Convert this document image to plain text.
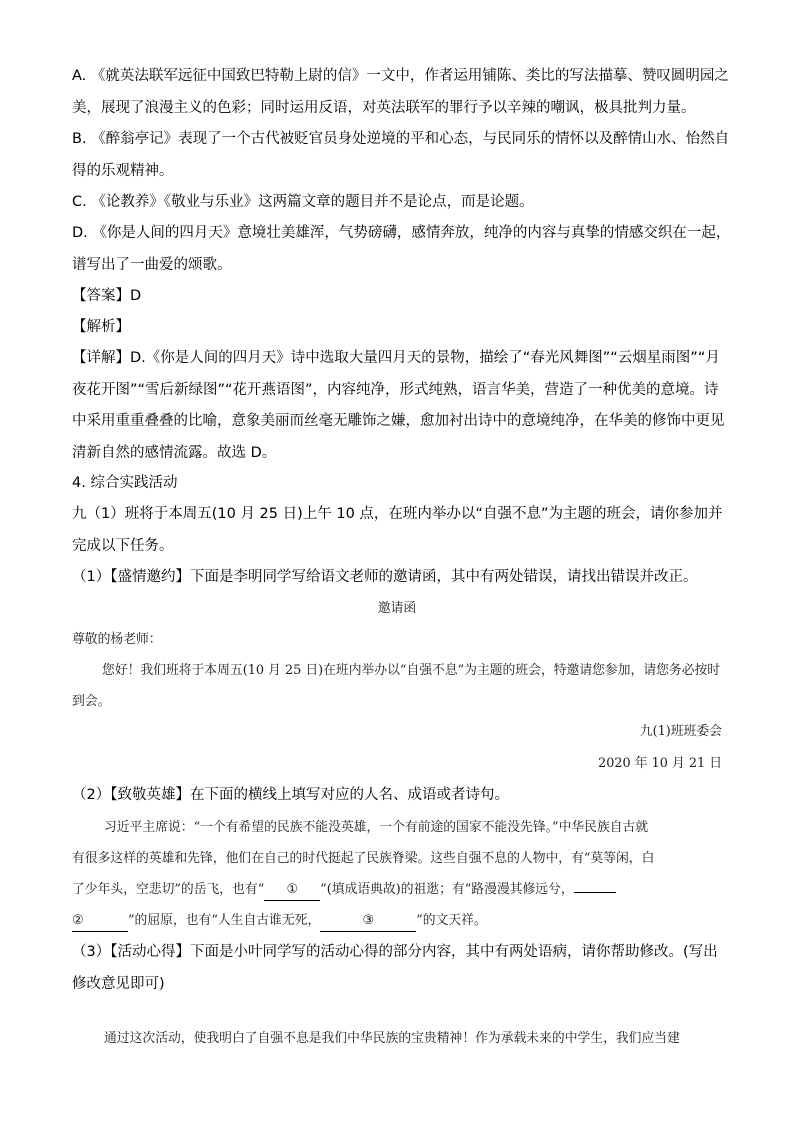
A. 《就英法联军远征中国致巴特勒上尉的信》一文中，作者运用铺陈、类比的写法描摹、赞叹圆明园之美，展现了浪漫主义的色彩；同时运用反语，对英法联军的罪行予以辛辣的嘲讽，极具批判力量。
B. 《醉翁亭记》表现了一个古代被贬官员身处逆境的平和心态，与民同乐的情怀以及醉情山水、怡然自得的乐观精神。
C. 《论教养》《敬业与乐业》这两篇文章的题目并不是论点，而是论题。
D. 《你是人间的四月天》意境壮美雄浑，气势磅礴，感情奔放，纯净的内容与真挚的情感交织在一起，谱写出了一曲爱的颂歌。
【答案】D
【解析】
【详解】D.《你是人间的四月天》诗中选取大量四月天的景物，描绘了“春光风舞图”“云烟星雨图”“月夜花开图”“雪后新绿图”“花开燕语图”，内容纯净，形式纯熟，语言华美，营造了一种优美的意境。诗中采用重重叠叠的比喻，意象美丽而丝毫无雕饰之嫌，愈加衬出诗中的意境纯净，在华美的修饰中更见清新自然的感情流露。故选 D。
4. 综合实践活动
九（1）班将于本周五(10 月 25 日)上午 10 点，在班内举办以“自强不息”为主题的班会，请你参加并完成以下任务。
（1）【盛情邀约】下面是李明同学写给语文老师的邀请函，其中有两处错误，请找出错误并改正。
邀请函
尊敬的杨老师：
您好！我们班将于本周五(10 月 25 日)在班内举办以“自强不息”为主题的班会，特邀请您参加，请您务必按时到会。
九(1)班班委会
2020 年 10 月 21 日
（2）【致敬英雄】在下面的横线上填写对应的人名、成语或者诗句。
习近平主席说：“一个有希望的民族不能没英雄，一个有前途的国家不能没先锋。”中华民族自古就
有很多这样的英雄和先锋，他们在自己的时代挺起了民族脊梁。这些自强不息的人物中，有“莫等闲，白
了少年头，空悲切”的岳飞，也有“ ① ”(填成语典故)的祖逖；有“路漫漫其修远兮，
②	”的屈原，也有“人生自古谁无死，	③	”的文天祥。
（3）【活动心得】下面是小叶同学写的活动心得的部分内容，其中有两处语病，请你帮助修改。(写出修改意见即可)
通过这次活动，使我明白了自强不息是我们中华民族的宝贵精神！作为承载未来的中学生，我们应当建
